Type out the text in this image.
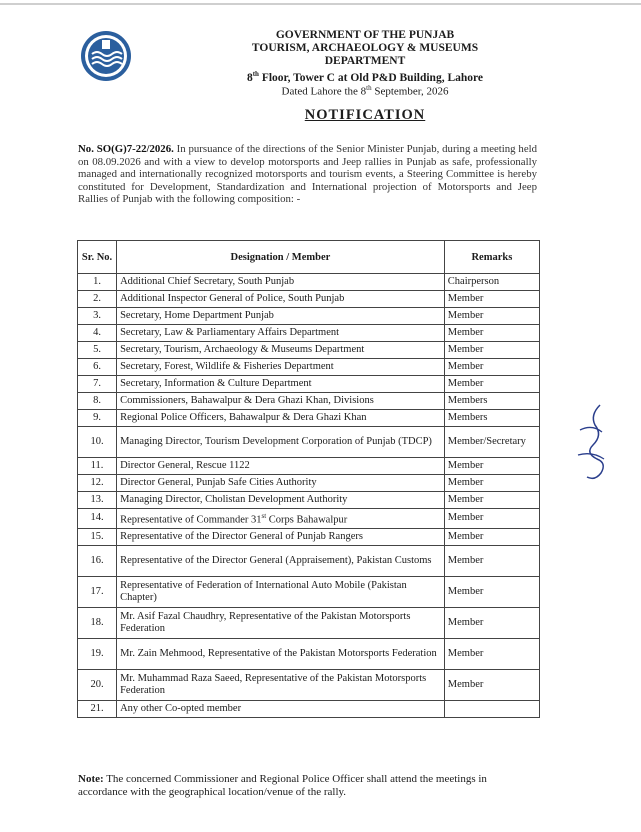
GOVERNMENT OF THE PUNJAB
TOURISM, ARCHAEOLOGY & MUSEUMS
DEPARTMENT
8th Floor, Tower C at Old P&D Building, Lahore
Dated Lahore the 8th September, 2026
NOTIFICATION
No. SO(G)7-22/2026. In pursuance of the directions of the Senior Minister Punjab, during a meeting held on 08.09.2026 and with a view to develop motorsports and Jeep rallies in Punjab as safe, professionally managed and internationally recognized motorsports and tourism events, a Steering Committee is hereby constituted for Development, Standardization and International projection of Motorsports and Jeep Rallies of Punjab with the following composition: -
Sr. No.	Designation / Member	Remarks
1.	Additional Chief Secretary, South Punjab	Chairperson
2.	Additional Inspector General of Police, South Punjab	Member
3.	Secretary, Home Department Punjab	Member
4.	Secretary, Law & Parliamentary Affairs Department	Member
5.	Secretary, Tourism, Archaeology & Museums Department	Member
6.	Secretary, Forest, Wildlife & Fisheries Department	Member
7.	Secretary, Information & Culture Department	Member
8.	Commissioners, Bahawalpur & Dera Ghazi Khan, Divisions	Members
9.	Regional Police Officers, Bahawalpur & Dera Ghazi Khan	Members
10.	Managing Director, Tourism Development Corporation of Punjab (TDCP)	Member/Secretary
11.	Director General, Rescue 1122	Member
12.	Director General, Punjab Safe Cities Authority	Member
13.	Managing Director, Cholistan Development Authority	Member
14.	Representative of Commander 31st Corps Bahawalpur	Member
15.	Representative of the Director General of Punjab Rangers	Member
16.	Representative of the Director General (Appraisement), Pakistan Customs	Member
17.	Representative of Federation of International Auto Mobile (Pakistan Chapter)	Member
18.	Mr. Asif Fazal Chaudhry, Representative of the Pakistan Motorsports Federation	Member
19.	Mr. Zain Mehmood, Representative of the Pakistan Motorsports Federation	Member
20.	Mr. Muhammad Raza Saeed, Representative of the Pakistan Motorsports Federation	Member
21.	Any other Co-opted member	
Note: The concerned Commissioner and Regional Police Officer shall attend the meetings in accordance with the geographical location/venue of the rally.
